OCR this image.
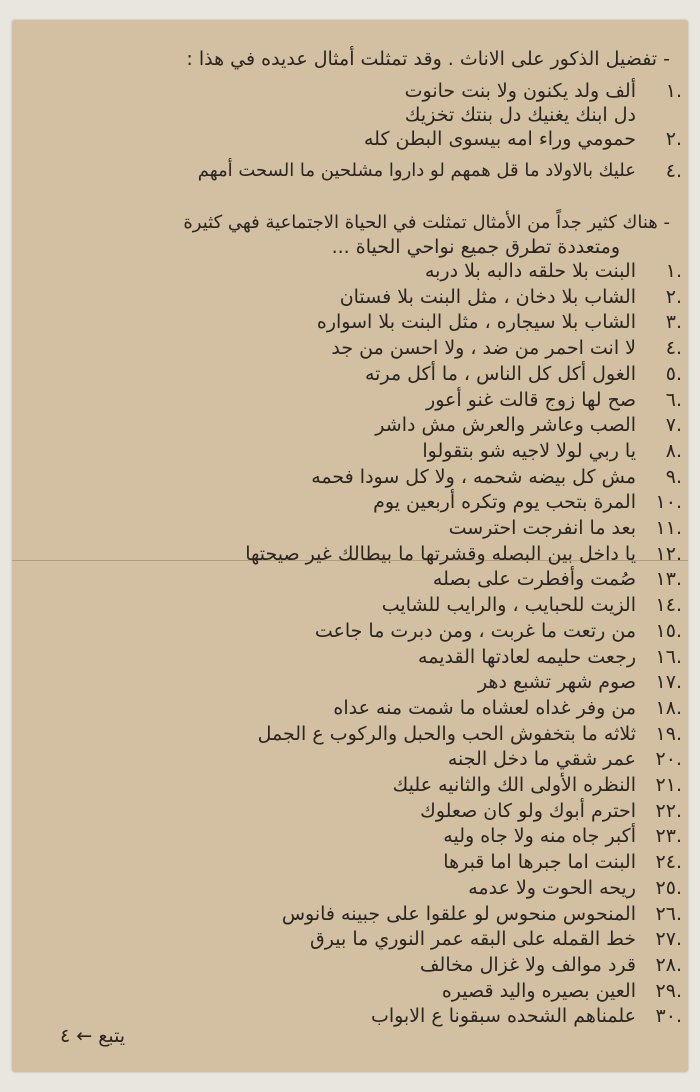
- تفضيل الذكور على الاناث . وقد تمثلت أمثال عديده في هذا :
١.
ألف ولد يكنون ولا بنت حانوت
دل ابنك يغنيك دل بنتك تخزيك
٢.
حمومي وراء امه بيسوى البطن كله
٤.
عليك بالاولاد ما قل همهم لو داروا مشلحين ما السحت أمهم
- هناك كثير جداً من الأمثال تمثلت في الحياة الاجتماعية فهي كثيرة
ومتعددة تطرق جميع نواحي الحياة ...
١.
البنت بلا حلقه دالبه بلا دربه
٢.
الشاب بلا دخان ، مثل البنت بلا فستان
٣.
الشاب بلا سيجاره ، مثل البنت بلا اسواره
٤.
لا انت احمر من ضد ، ولا احسن من جد
٥.
الغول أكل كل الناس ، ما أكل مرته
٦.
صح لها زوج قالت غنو أعور
٧.
الصب وعاشر والعرش مش داشر
٨.
يا ربي لولا لاجيه شو بتقولوا
٩.
مش كل بيضه شحمه ، ولا كل سودا فحمه
١٠.
المرة بتحب يوم وتكره أربعين يوم
١١.
بعد ما انفرجت احترست
١٢.
يا داخل بين البصله وقشرتها ما بيطالك غير صيحتها
١٣.
صُمت وأفطرت على بصله
١٤.
الزيت للحبايب ، والرايب للشايب
١٥.
من رتعت ما غربت ، ومن دبرت ما جاعت
١٦.
رجعت حليمه لعادتها القديمه
١٧.
صوم شهر تشبع دهر
١٨.
من وفر غداه لعشاه ما شمت منه عداه
١٩.
ثلاثه ما بتخفوش الحب والحبل والركوب ع الجمل
٢٠.
عمر شقي ما دخل الجنه
٢١.
النظره الأولى الك والثانيه عليك
٢٢.
احترم أبوك ولو كان صعلوك
٢٣.
أكبر جاه منه ولا جاه وليه
٢٤.
البنت اما جبرها اما قبرها
٢٥.
ريحه الحوت ولا عدمه
٢٦.
المنحوس منحوس لو علقوا على جبينه فانوس
٢٧.
خط القمله على البقه عمر النوري ما بيرق
٢٨.
قرد موالف ولا غزال مخالف
٢٩.
العين بصيره واليد قصيره
٣٠.
علمناهم الشحده سبقونا ع الابواب
يتبع ← ٤
